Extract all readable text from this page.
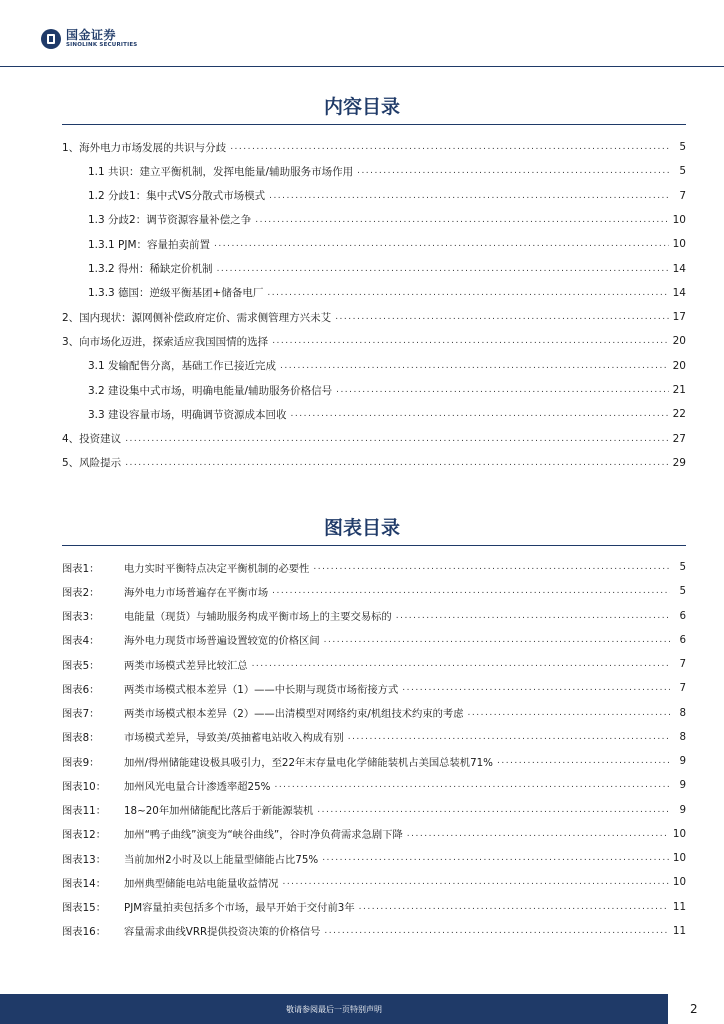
国金证券
SINOLINK SECURITIES
内容目录
1、海外电力市场发展的共识与分歧 .....	5
1.1 共识：建立平衡机制，发挥电能量/辅助服务市场作用 .....	5
1.2 分歧1：集中式VS分散式市场模式 .....	7
1.3 分歧2：调节资源容量补偿之争 .....	10
1.3.1 PJM：容量拍卖前置 .....	10
1.3.2 得州：稀缺定价机制 .....	14
1.3.3 德国：逆级平衡基团+储备电厂 .....	14
2、国内现状：源网侧补偿政府定价、需求侧管理方兴未艾 .....	17
3、向市场化迈进，探索适应我国国情的选择 .....	20
3.1 发输配售分离，基础工作已接近完成 .....	20
3.2 建设集中式市场，明确电能量/辅助服务价格信号 .....	21
3.3 建设容量市场，明确调节资源成本回收 .....	22
4、投资建议 .....	27
5、风险提示 .....	29
图表目录
图表1： 电力实时平衡特点决定平衡机制的必要性 .....	5
图表2： 海外电力市场普遍存在平衡市场 .....	5
图表3： 电能量（现货）与辅助服务构成平衡市场上的主要交易标的 .....	6
图表4： 海外电力现货市场普遍设置较宽的价格区间 .....	6
图表5： 两类市场模式差异比较汇总 .....	7
图表6： 两类市场模式根本差异（1）——中长期与现货市场衔接方式 .....	7
图表7： 两类市场模式根本差异（2）——出清模型对网络约束/机组技术约束的考虑 .....	8
图表8： 市场模式差异，导致美/英抽蓄电站收入构成有别 .....	8
图表9： 加州/得州储能建设极具吸引力，至22年末存量电化学储能装机占美国总装机71% .....	9
图表10： 加州风光电量合计渗透率超25% .....	9
图表11： 18~20年加州储能配比落后于新能源装机 .....	9
图表12： 加州“鸭子曲线”演变为“峡谷曲线”，谷时净负荷需求急剧下降 .....	10
图表13： 当前加州2小时及以上能量型储能占比75% .....	10
图表14： 加州典型储能电站电能量收益情况 .....	10
图表15： PJM容量拍卖包括多个市场，最早开始于交付前3年 .....	11
图表16： 容量需求曲线VRR提供投资决策的价格信号 .....	11
敬请参阅最后一页特别声明	2
